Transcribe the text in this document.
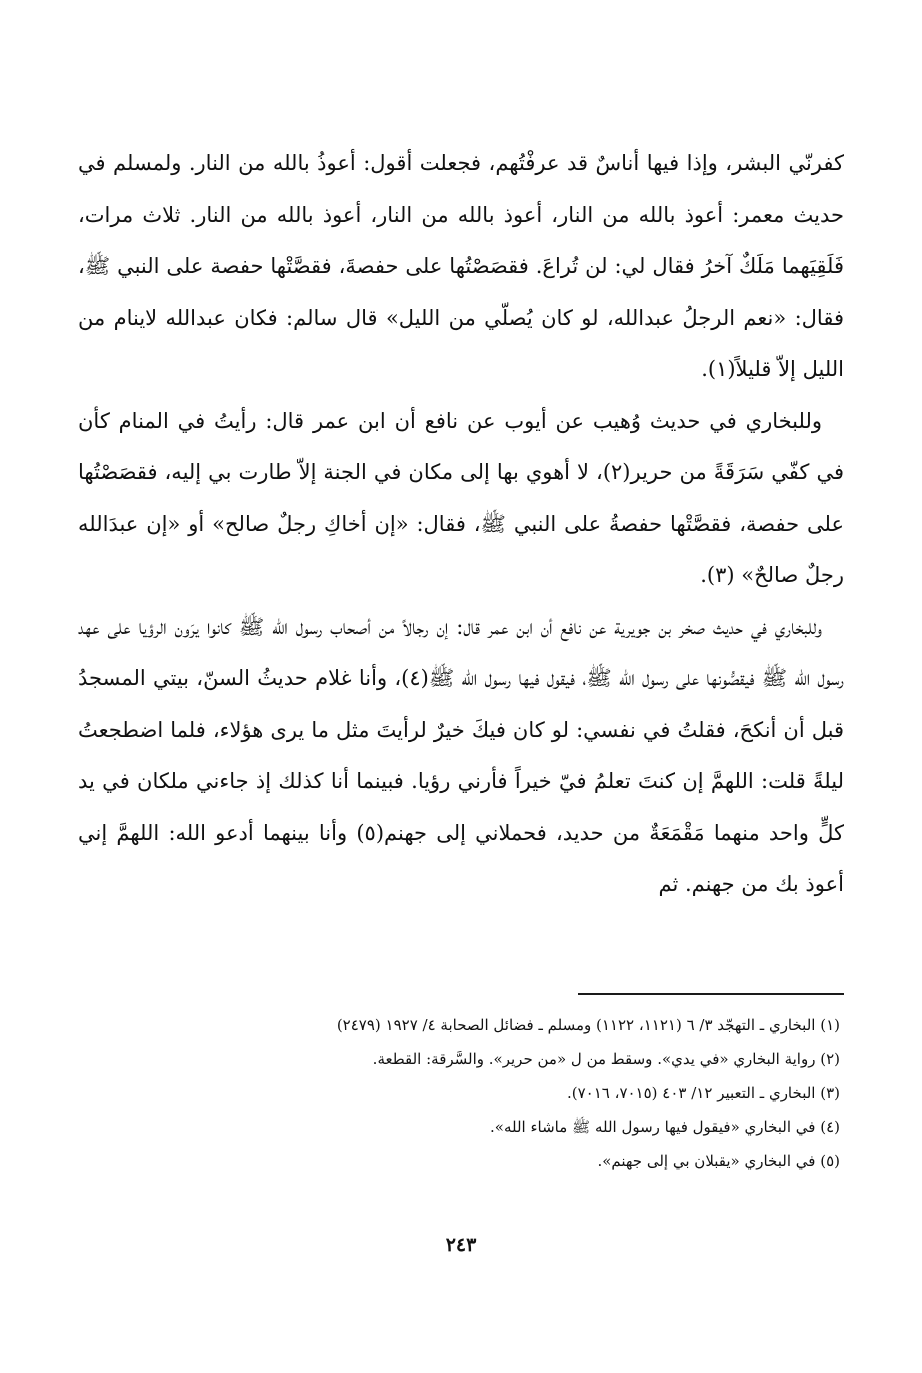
كفرنّي البشر، وإذا فيها أناسٌ قد عرفْتُهم، فجعلت أقول: أعوذُ بالله من النار. ولمسلم في حديث معمر: أعوذ بالله من النار، أعوذ بالله من النار، أعوذ بالله من النار. ثلاث مرات، فَلَقِيَهما مَلَكٌ آخرُ فقال لي: لن تُراعَ. فقصَصْتُها على حفصةَ، فقصَّتْها حفصة على النبي ﷺ، فقال: «نعم الرجلُ عبدالله، لو كان يُصلّي من الليل» قال سالم: فكان عبدالله لاينام من الليل إلاّ قليلاً(١).

وللبخاري في حديث وُهيب عن أيوب عن نافع أن ابن عمر قال: رأيتُ في المنام كأن في كفّي سَرَقَةً من حرير(٢)، لا أهوي بها إلى مكان في الجنة إلاّ طارت بي إليه، فقصَصْتُها على حفصة، فقصَّتْها حفصةُ على النبي ﷺ، فقال: «إن أخاكِ رجلٌ صالح» أو «إن عبدَالله رجلٌ صالحٌ» (٣).

وللبخاري في حديث صخر بن جويرية عن نافع أن ابن عمر قال: إن رجالاً من أصحاب رسول الله ﷺ كانوا يرَون الرؤيا على عهد رسول الله ﷺ فيقصُّونها على رسول الله ﷺ، فيقول فيها رسول الله ﷺ(٤)، وأنا غلام حديثُ السنّ، بيتي المسجدُ قبل أن أنكحَ، فقلتُ في نفسي: لو كان فيكَ خيرٌ لرأيتَ مثل ما يرى هؤلاء، فلما اضطجعتُ ليلةً قلت: اللهمَّ إن كنتَ تعلمُ فيّ خيراً فأرني رؤيا. فبينما أنا كذلك إذ جاءني ملكان في يد كلٍّ واحد منهما مَقْمَعَةٌ من حديد، فحملاني إلى جهنم(٥) وأنا بينهما أدعو الله: اللهمَّ إني أعوذ بك من جهنم. ثم

(١) البخاري ـ التهجّد ٣/ ٦ (١١٢١، ١١٢٢) ومسلم ـ فضائل الصحابة ٤/ ١٩٢٧ (٢٤٧٩)

(٢) رواية البخاري «في يدي». وسقط من ل «من حرير». والسَّرقة: القطعة.

(٣) البخاري ـ التعبير ١٢/ ٤٠٣ (٧٠١٥، ٧٠١٦).

(٤) في البخاري «فيقول فيها رسول الله ﷺ ماشاء الله».

(٥) في البخاري «يقبلان بي إلى جهنم».

٢٤٣
